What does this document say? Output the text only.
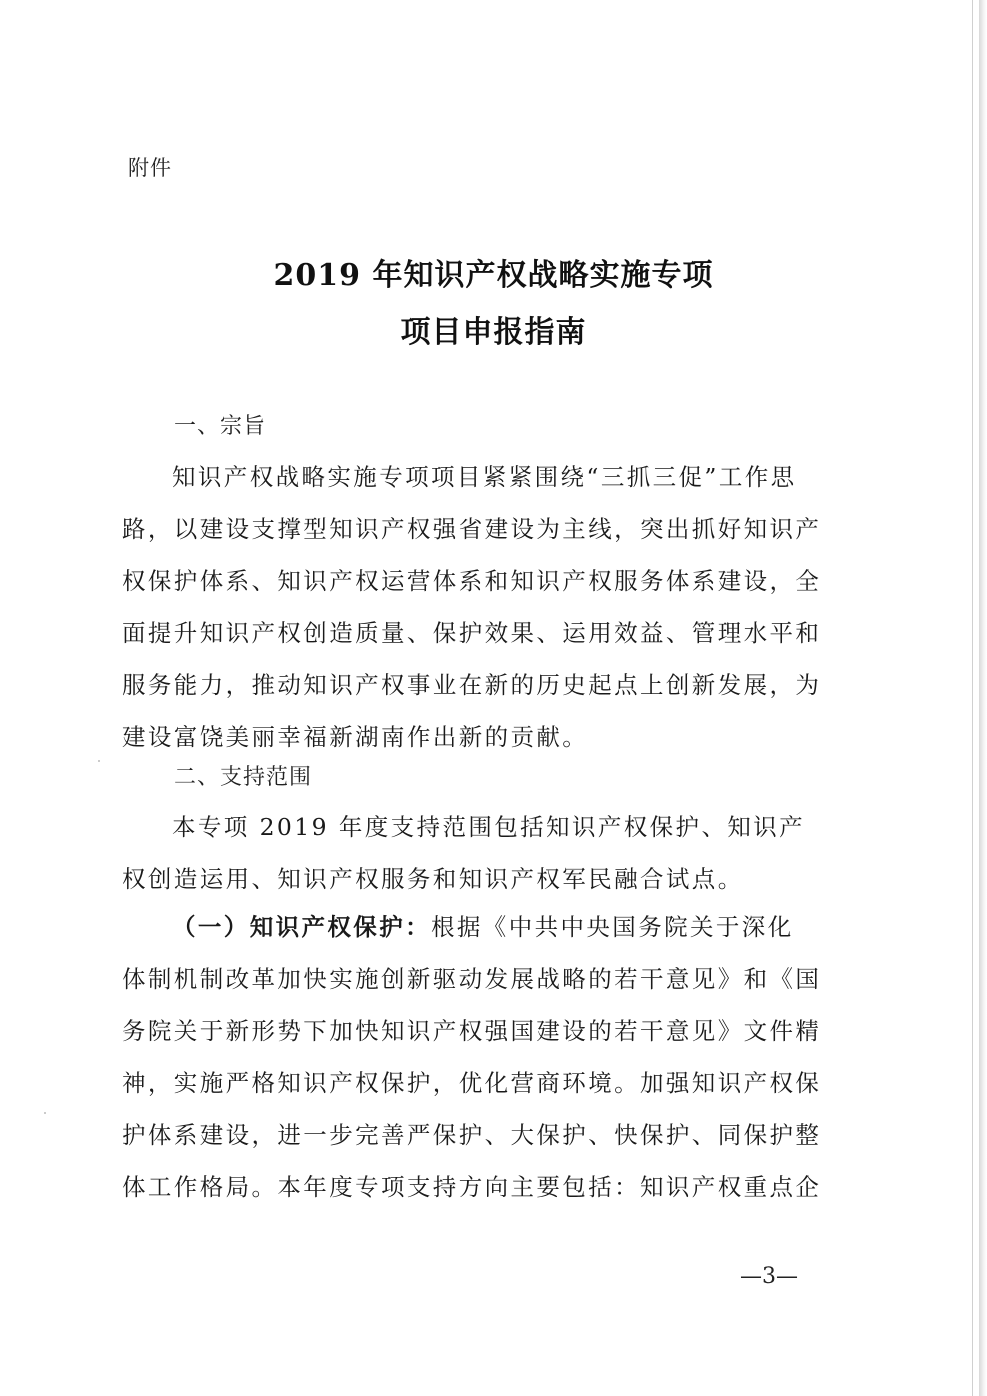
附件
2019 年知识产权战略实施专项
项目申报指南
一、宗旨
知识产权战略实施专项项目紧紧围绕“三抓三促”工作思
路，以建设支撑型知识产权强省建设为主线，突出抓好知识产
权保护体系、知识产权运营体系和知识产权服务体系建设，全
面提升知识产权创造质量、保护效果、运用效益、管理水平和
服务能力，推动知识产权事业在新的历史起点上创新发展，为
建设富饶美丽幸福新湖南作出新的贡献。
二、支持范围
本专项 2019 年度支持范围包括知识产权保护、知识产
权创造运用、知识产权服务和知识产权军民融合试点。
（一）知识产权保护：根据《中共中央国务院关于深化
体制机制改革加快实施创新驱动发展战略的若干意见》和《国
务院关于新形势下加快知识产权强国建设的若干意见》文件精
神，实施严格知识产权保护，优化营商环境。加强知识产权保
护体系建设，进一步完善严保护、大保护、快保护、同保护整
体工作格局。本年度专项支持方向主要包括：知识产权重点企
—3—
